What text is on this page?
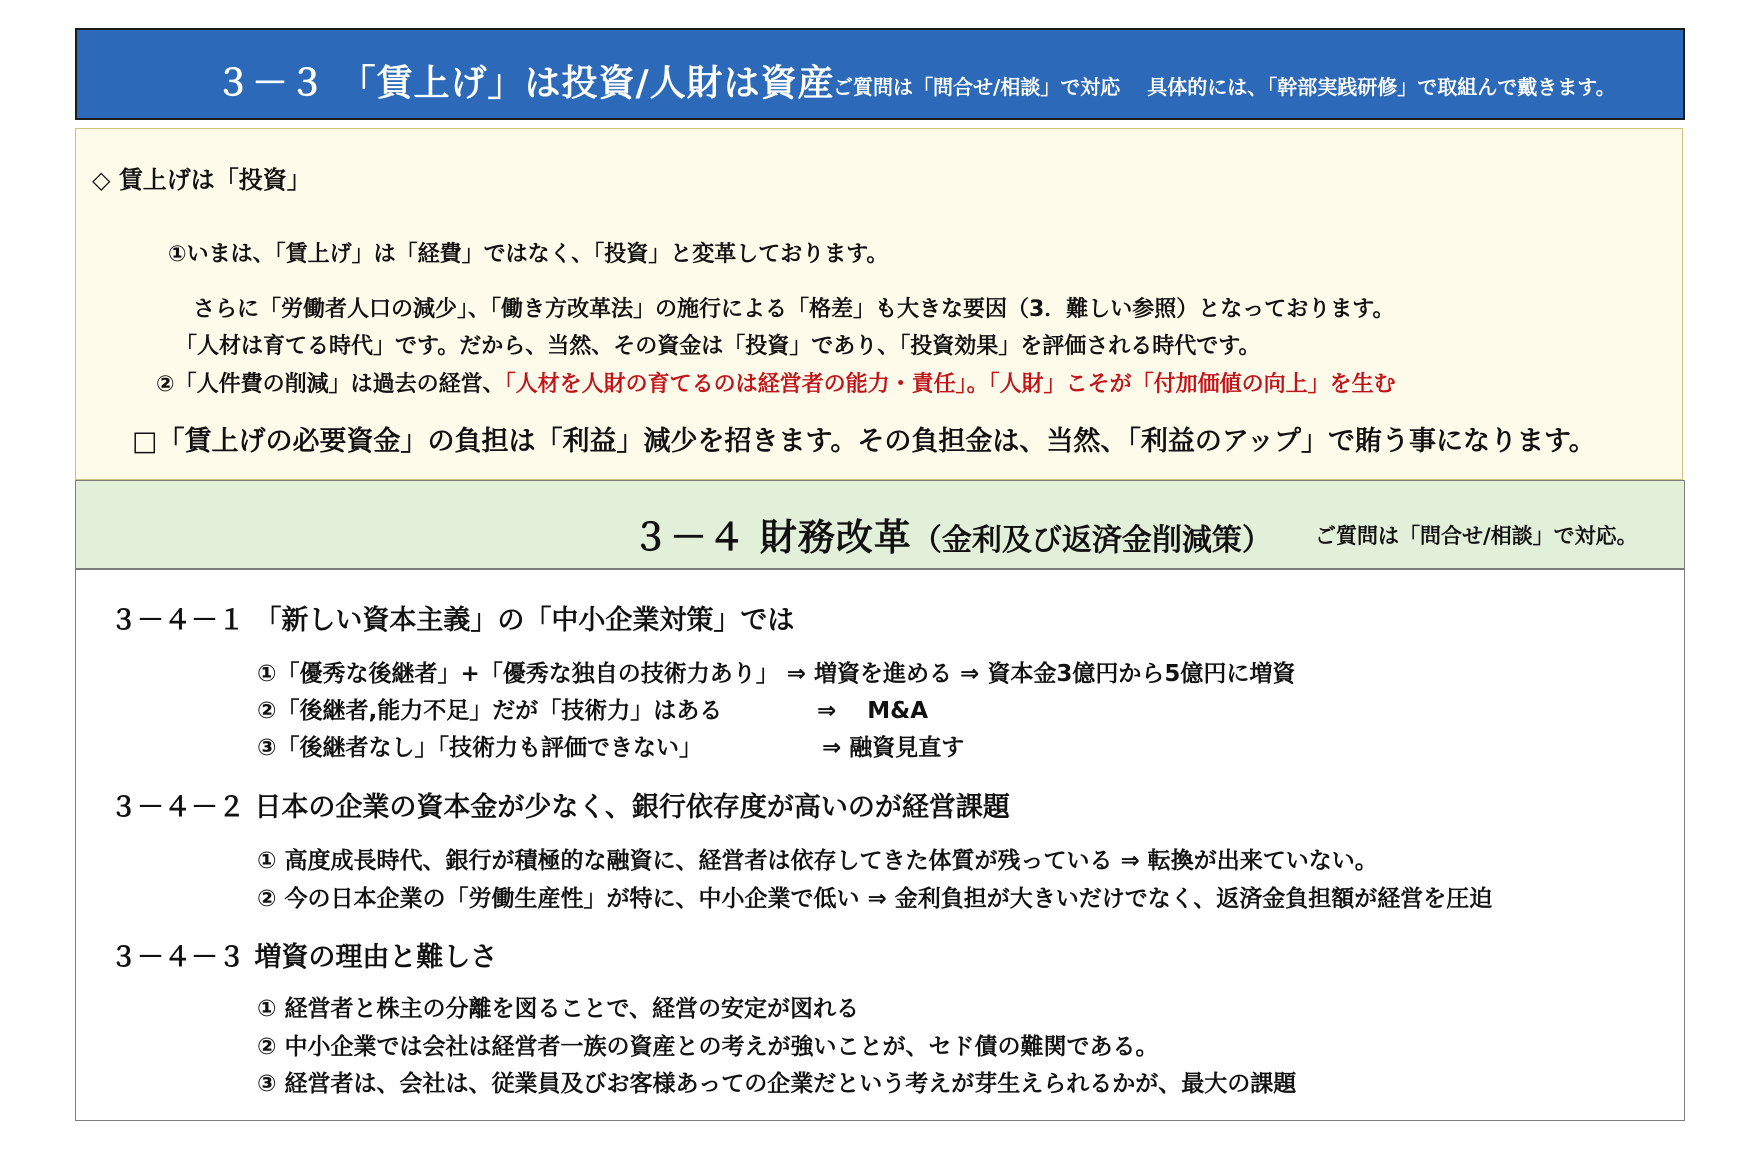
３－３ 「賃上げ」は投資/人財は資産
ご質問は「問合せ/相談」で対応　 具体的には、「幹部実践研修」で取組んで戴きます。
◇ 賃上げは「投資」
①いまは、「賃上げ」は「経費」ではなく、「投資」と変革しております。
さらに「労働者人口の減少」、「働き方改革法」の施行による「格差」も大きな要因（3．難しい参照）となっております。
「人材は育てる時代」です。だから、当然、その資金は「投資」であり、「投資効果」を評価される時代です。
②「人件費の削減」は過去の経営、「人材を人財の育てるのは経営者の能力・責任」。「人財」こそが「付加価値の向上」を生む
□「賃上げの必要資金」の負担は「利益」減少を招きます。その負担金は、当然、「利益のアップ」で賄う事になります。
３－４ 財務改革（金利及び返済金削減策） ご質問は「問合せ/相談」で対応。
３－４－１ 「新しい資本主義」の「中小企業対策」では
①「優秀な後継者」+「優秀な独自の技術力あり」 ⇒ 増資を進める ⇒ 資本金3億円から5億円に増資
②「後継者,能力不足」だが「技術力」はある	⇒　 M&A
③「後継者なし」「技術力も評価できない」	⇒ 融資見直す
３－４－２ 日本の企業の資本金が少なく、銀行依存度が高いのが経営課題
① 高度成長時代、銀行が積極的な融資に、経営者は依存してきた体質が残っている ⇒ 転換が出来ていない。
② 今の日本企業の「労働生産性」が特に、中小企業で低い ⇒ 金利負担が大きいだけでなく、返済金負担額が経営を圧迫
３－４－３ 増資の理由と難しさ
① 経営者と株主の分離を図ることで、経営の安定が図れる
② 中小企業では会社は経営者一族の資産との考えが強いことが、セド債の難関である。
③ 経営者は、会社は、従業員及びお客様あっての企業だという考えが芽生えられるかが、最大の課題
